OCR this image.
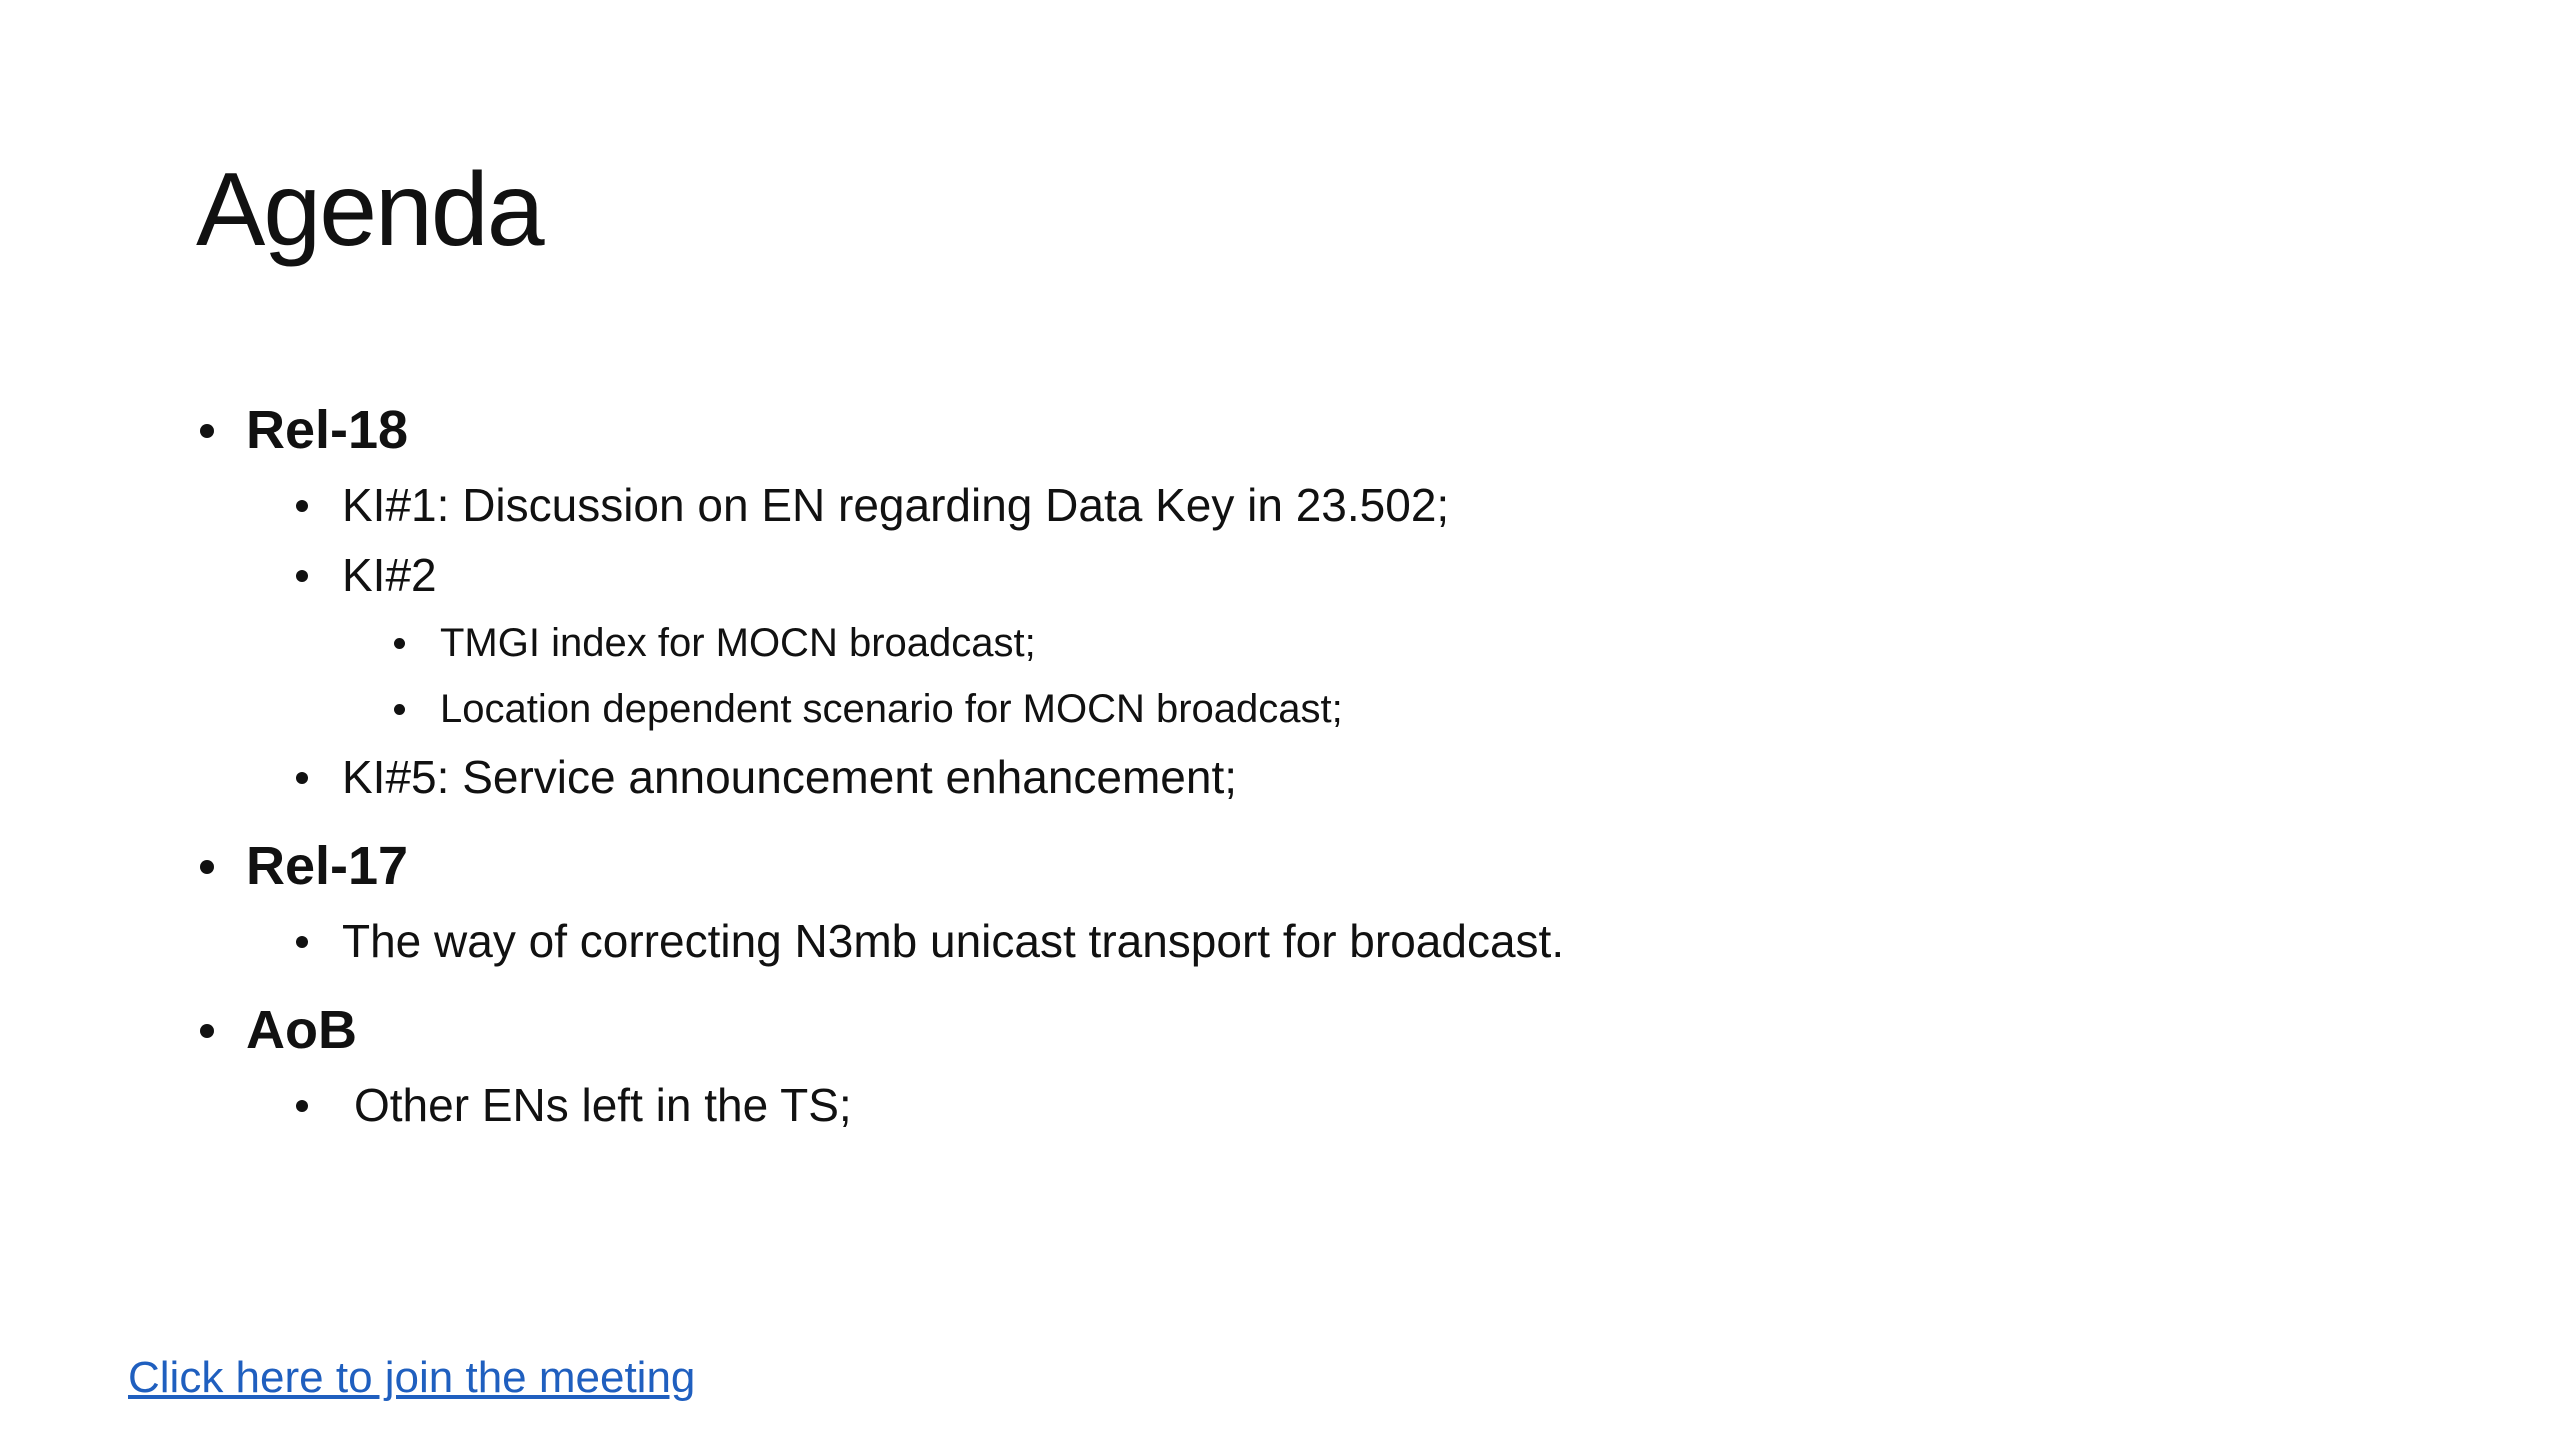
Agenda
Rel-18
KI#1: Discussion on EN regarding Data Key in 23.502;
KI#2
TMGI index for MOCN broadcast;
Location dependent scenario for MOCN broadcast;
KI#5: Service announcement enhancement;
Rel-17
The way of correcting N3mb unicast transport for broadcast.
AoB
Other ENs left in the TS;
Click here to join the meeting
